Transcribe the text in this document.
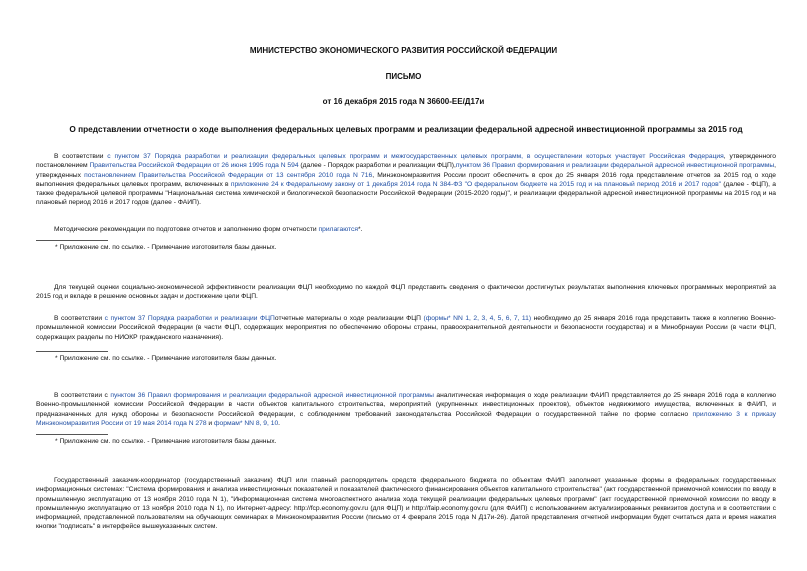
МИНИСТЕРСТВО ЭКОНОМИЧЕСКОГО РАЗВИТИЯ РОССИЙСКОЙ ФЕДЕРАЦИИ
ПИСЬМО
от 16 декабря 2015 года N 36600-ЕЕ/Д17и
О представлении отчетности о ходе выполнения федеральных целевых программ и реализации федеральной адресной инвестиционной программы за 2015 год

В соответствии с пунктом 37 Порядка разработки и реализации федеральных целевых программ и межгосударственных целевых программ, в осуществлении которых участвует Российская Федерация, утвержденного постановлением Правительства Российской Федерации от 26 июня 1995 года N 594 (далее - Порядок разработки и реализации ФЦП),пунктом 36 Правил формирования и реализации федеральной адресной инвестиционной программы, утвержденных постановлением Правительства Российской Федерации от 13 сентября 2010 года N 716, Минэкономразвития России просит обеспечить в срок до 25 января 2016 года представление отчетов за 2015 год о ходе выполнения федеральных целевых программ, включенных в приложение 24 к Федеральному закону от 1 декабря 2014 года N 384-ФЗ "О федеральном бюджете на 2015 год и на плановый период 2016 и 2017 годов" (далее - ФЦП), а также федеральной целевой программы "Национальная система химической и биологической безопасности Российской Федерации (2015-2020 годы)", и реализации федеральной адресной инвестиционной программы на 2015 год и на плановый период 2016 и 2017 годов (далее - ФАИП).

Методические рекомендации по подготовке отчетов и заполнению форм отчетности прилагаются*.

* Приложение см. по ссылке. - Примечание изготовителя базы данных.

Для текущей оценки социально-экономической эффективности реализации ФЦП необходимо по каждой ФЦП представить сведения о фактически достигнутых результатах выполнения ключевых программных мероприятий за 2015 год и вкладе в решение основных задач и достижение цели ФЦП.

В соответствии с пунктом 37 Порядка разработки и реализации ФЦПотчетные материалы о ходе реализации ФЦП (формы* NN 1, 2, 3, 4, 5, 6, 7, 11) необходимо до 25 января 2016 года представить также в коллегию Военно-промышленной комиссии Российской Федерации (в части ФЦП, содержащих мероприятия по обеспечению обороны страны, правоохранительной деятельности и безопасности государства) и в Минобрнауки России (в части ФЦП, содержащих разделы по НИОКР гражданского назначения).

* Приложение см. по ссылке. - Примечание изготовителя базы данных.

В соответствии с пунктом 36 Правил формирования и реализации федеральной адресной инвестиционной программы аналитическая информация о ходе реализации ФАИП представляется до 25 января 2016 года в коллегию Военно-промышленной комиссии Российской Федерации в части объектов капитального строительства, мероприятий (укрупненных инвестиционных проектов), объектов недвижимого имущества, включенных в ФАИП, и предназначенных для нужд обороны и безопасности Российской Федерации, с соблюдением требований законодательства Российской Федерации о государственной тайне по форме согласно приложению 3 к приказу Минэкономразвития России от 19 мая 2014 года N 278 и формам* NN 8, 9, 10.

* Приложение см. по ссылке. - Примечание изготовителя базы данных.

Государственный заказчик-координатор (государственный заказчик) ФЦП или главный распорядитель средств федерального бюджета по объектам ФАИП заполняет указанные формы в федеральных государственных информационных системах: "Система формирования и анализа инвестиционных показателей и показателей фактического финансирования объектов капитального строительства" (акт государственной приемочной комиссии по вводу в промышленную эксплуатацию от 13 ноября 2010 года N 1), "Информационная система многоаспектного анализа хода текущей реализации федеральных целевых программ" (акт государственной приемочной комиссии по вводу в промышленную эксплуатацию от 13 ноября 2010 года N 1), по Интернет-адресу: http://fcp.economy.gov.ru (для ФЦП) и http://faip.economy.gov.ru (для ФАИП) с использованием актуализированных реквизитов доступа и в соответствии с информацией, представленной пользователям на обучающих семинарах в Минэкономразвития России (письмо от 4 февраля 2015 года N Д17и-26). Датой представления отчетной информации будет считаться дата и время нажатия кнопки "подписать" в интерфейсе вышеуказанных систем.
